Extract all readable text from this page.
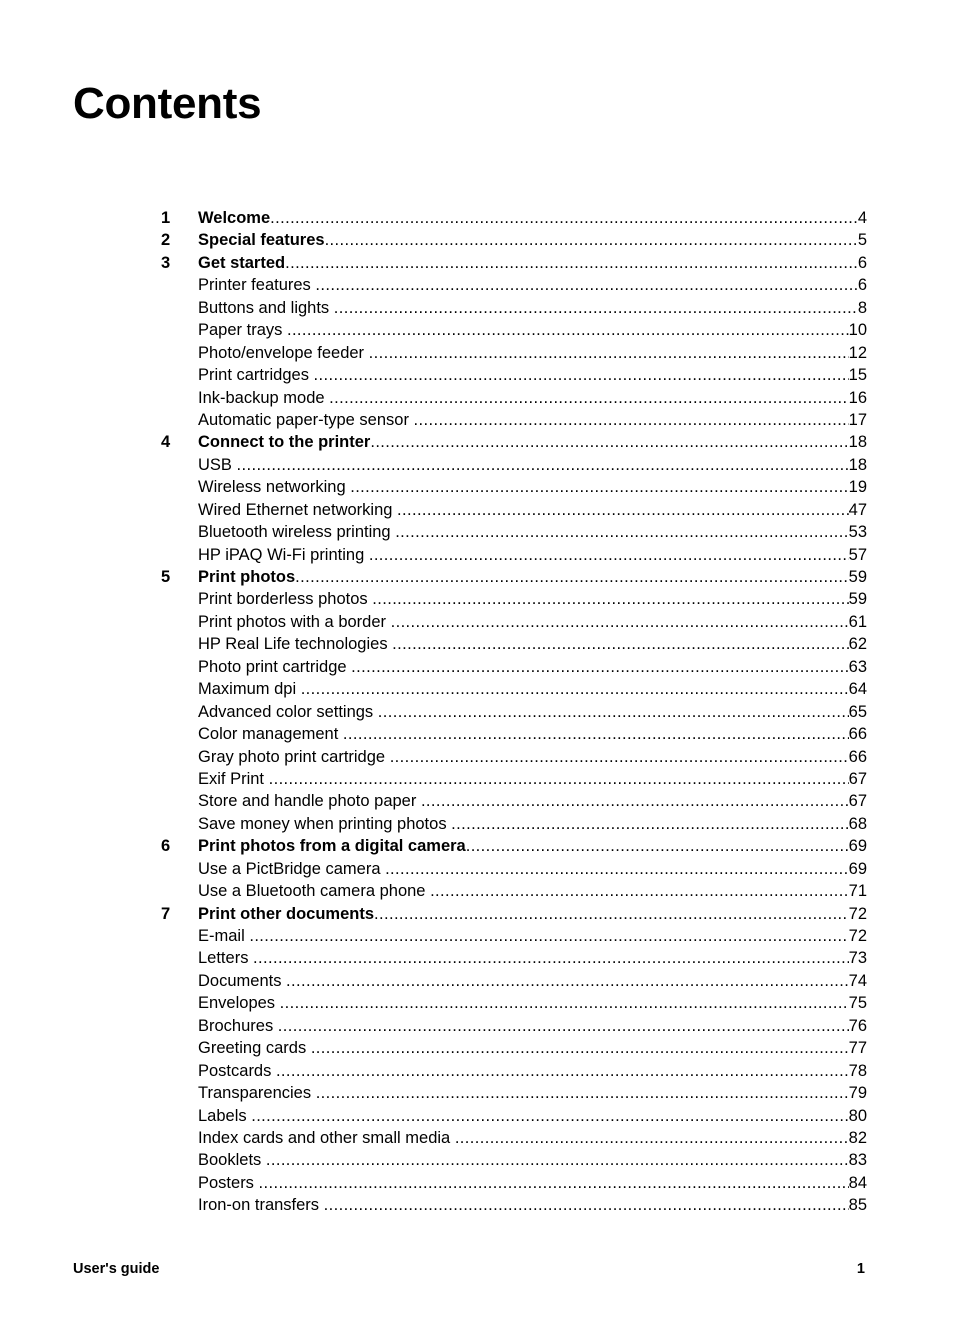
Contents
1	Welcome .....	4
2	Special features .....	5
3	Get started .....	6
Printer features .....	6
Buttons and lights .....	8
Paper trays .....	10
Photo/envelope feeder .....	12
Print cartridges .....	15
Ink-backup mode .....	16
Automatic paper-type sensor .....	17
4	Connect to the printer .....	18
USB .....	18
Wireless networking .....	19
Wired Ethernet networking .....	47
Bluetooth wireless printing .....	53
HP iPAQ Wi-Fi printing .....	57
5	Print photos .....	59
Print borderless photos .....	59
Print photos with a border .....	61
HP Real Life technologies .....	62
Photo print cartridge .....	63
Maximum dpi .....	64
Advanced color settings .....	65
Color management .....	66
Gray photo print cartridge .....	66
Exif Print .....	67
Store and handle photo paper .....	67
Save money when printing photos .....	68
6	Print photos from a digital camera .....	69
Use a PictBridge camera .....	69
Use a Bluetooth camera phone .....	71
7	Print other documents .....	72
E-mail .....	72
Letters .....	73
Documents .....	74
Envelopes .....	75
Brochures .....	76
Greeting cards .....	77
Postcards .....	78
Transparencies .....	79
Labels .....	80
Index cards and other small media .....	82
Booklets .....	83
Posters .....	84
Iron-on transfers .....	85
User's guide	1
